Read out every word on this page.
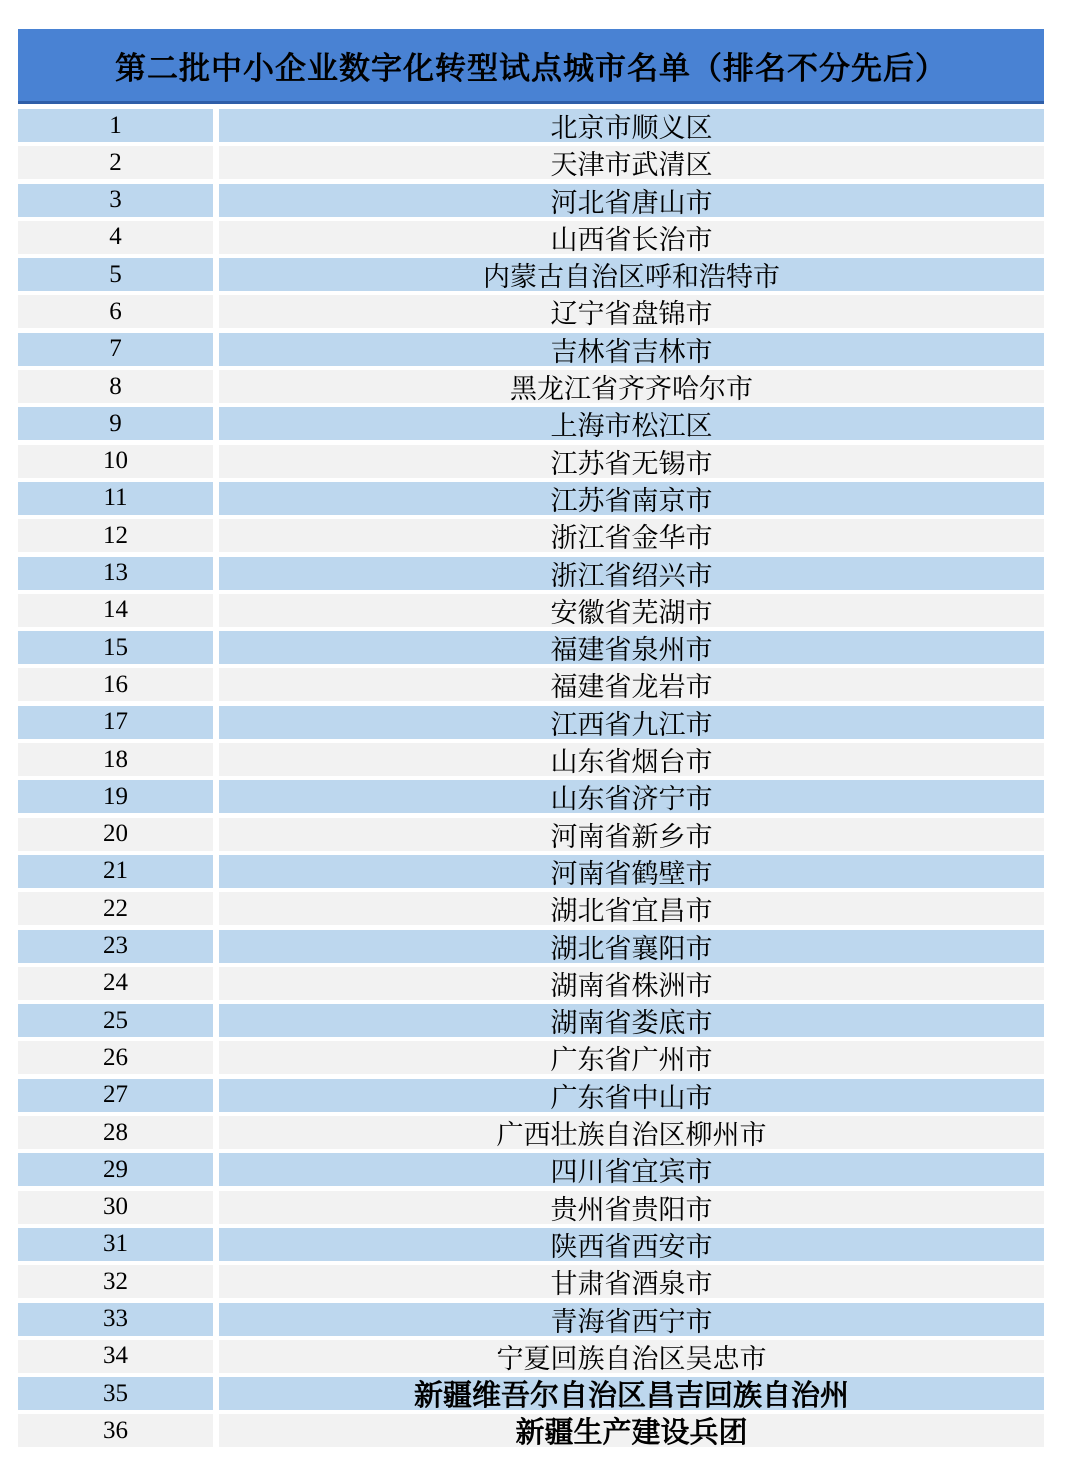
第二批中小企业数字化转型试点城市名单（排名不分先后）
1	北京市顺义区
2	天津市武清区
3	河北省唐山市
4	山西省长治市
5	内蒙古自治区呼和浩特市
6	辽宁省盘锦市
7	吉林省吉林市
8	黑龙江省齐齐哈尔市
9	上海市松江区
10	江苏省无锡市
11	江苏省南京市
12	浙江省金华市
13	浙江省绍兴市
14	安徽省芜湖市
15	福建省泉州市
16	福建省龙岩市
17	江西省九江市
18	山东省烟台市
19	山东省济宁市
20	河南省新乡市
21	河南省鹤壁市
22	湖北省宜昌市
23	湖北省襄阳市
24	湖南省株洲市
25	湖南省娄底市
26	广东省广州市
27	广东省中山市
28	广西壮族自治区柳州市
29	四川省宜宾市
30	贵州省贵阳市
31	陕西省西安市
32	甘肃省酒泉市
33	青海省西宁市
34	宁夏回族自治区吴忠市
35	新疆维吾尔自治区昌吉回族自治州
36	新疆生产建设兵团
